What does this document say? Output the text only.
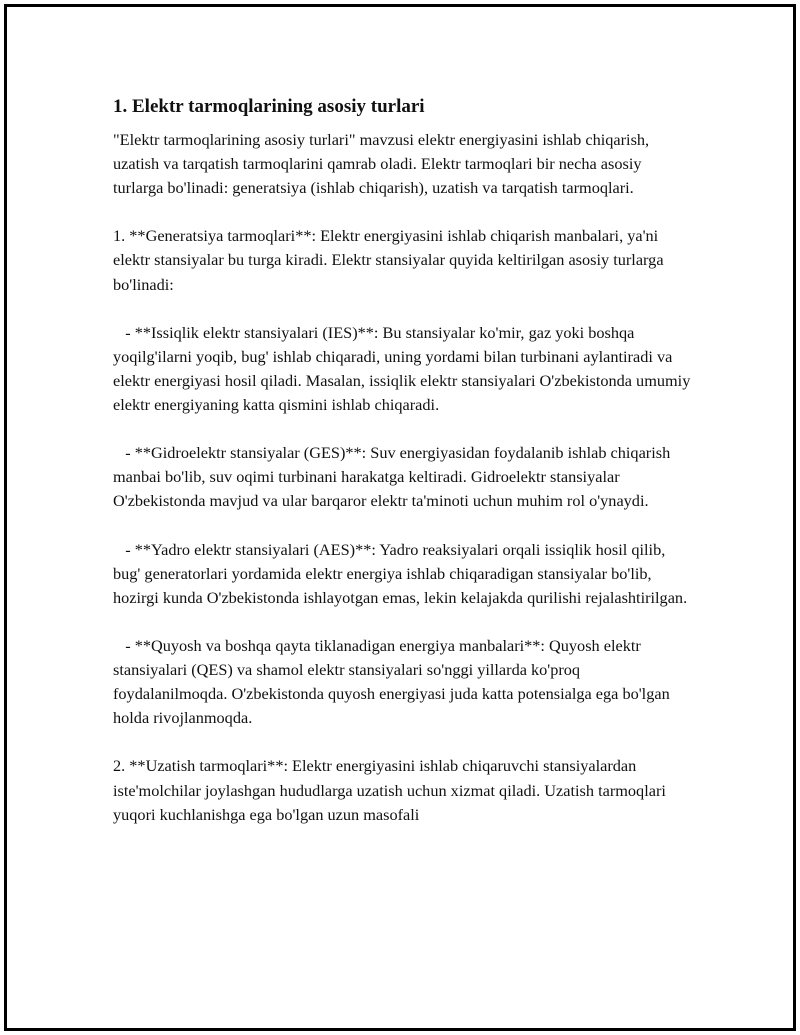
1. Elektr tarmoqlarining asosiy turlari

"Elektr tarmoqlarining asosiy turlari" mavzusi elektr energiyasini ishlab chiqarish, uzatish va tarqatish tarmoqlarini qamrab oladi. Elektr tarmoqlari bir necha asosiy turlarga bo'linadi: generatsiya (ishlab chiqarish), uzatish va tarqatish tarmoqlari.

1. **Generatsiya tarmoqlari**: Elektr energiyasini ishlab chiqarish manbalari, ya'ni elektr stansiyalar bu turga kiradi. Elektr stansiyalar quyida keltirilgan asosiy turlarga bo'linadi:

- **Issiqlik elektr stansiyalari (IES)**: Bu stansiyalar ko'mir, gaz yoki boshqa yoqilg'ilarni yoqib, bug' ishlab chiqaradi, uning yordami bilan turbinani aylantiradi va elektr energiyasi hosil qiladi. Masalan, issiqlik elektr stansiyalari O'zbekistonda umumiy elektr energiyaning katta qismini ishlab chiqaradi.

- **Gidroelektr stansiyalar (GES)**: Suv energiyasidan foydalanib ishlab chiqarish manbai bo'lib, suv oqimi turbinani harakatga keltiradi. Gidroelektr stansiyalar O'zbekistonda mavjud va ular barqaror elektr ta'minoti uchun muhim rol o'ynaydi.

- **Yadro elektr stansiyalari (AES)**: Yadro reaksiyalari orqali issiqlik hosil qilib, bug' generatorlari yordamida elektr energiya ishlab chiqaradigan stansiyalar bo'lib, hozirgi kunda O'zbekistonda ishlayotgan emas, lekin kelajakda qurilishi rejalashtirilgan.

- **Quyosh va boshqa qayta tiklanadigan energiya manbalari**: Quyosh elektr stansiyalari (QES) va shamol elektr stansiyalari so'nggi yillarda ko'proq foydalanilmoqda. O'zbekistonda quyosh energiyasi juda katta potensialga ega bo'lgan holda rivojlanmoqda.

2. **Uzatish tarmoqlari**: Elektr energiyasini ishlab chiqaruvchi stansiyalardan iste'molchilar joylashgan hududlarga uzatish uchun xizmat qiladi. Uzatish tarmoqlari yuqori kuchlanishga ega bo'lgan uzun masofali
